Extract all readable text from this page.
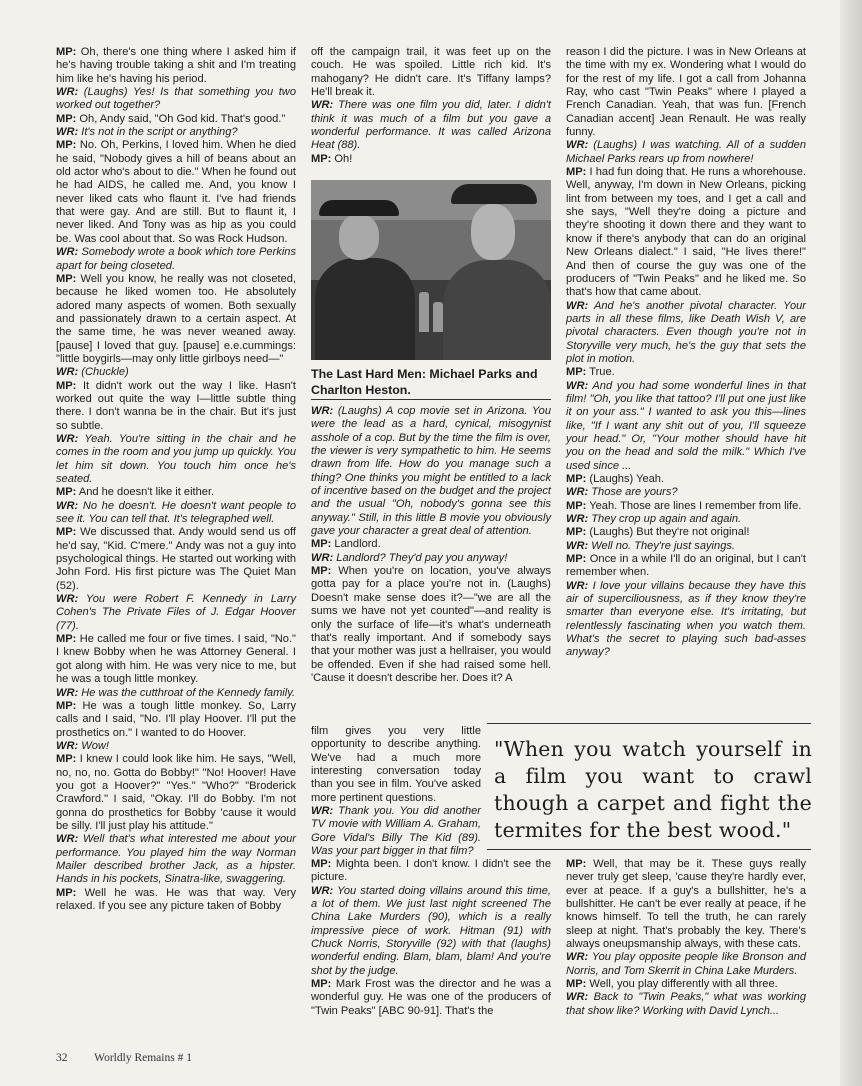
MP: Oh, there's one thing where I asked him if he's having trouble taking a shit and I'm treating him like he's having his period.

WR: (Laughs) Yes! Is that something you two worked out together?

MP: Oh, Andy said, "Oh God kid. That's good."

WR: It's not in the script or anything?

MP: No. Oh, Perkins, I loved him. When he died he said, "Nobody gives a hill of beans about an old actor who's about to die." When he found out he had AIDS, he called me. And, you know I never liked cats who flaunt it. I've had friends that were gay. And are still. But to flaunt it, I never liked. And Tony was as hip as you could be. Was cool about that. So was Rock Hudson.

WR: Somebody wrote a book which tore Perkins apart for being closeted.

MP: Well you know, he really was not closeted, because he liked women too. He absolutely adored many aspects of women. Both sexually and passionately drawn to a certain aspect. At the same time, he was never weaned away. [pause] I loved that guy. [pause] e.e.cummings: "little boygirls—may only little girlboys need—"

WR: (Chuckle)

MP: It didn't work out the way I like. Hasn't worked out quite the way I—little subtle thing there. I don't wanna be in the chair. But it's just so subtle.

WR: Yeah. You're sitting in the chair and he comes in the room and you jump up quickly. You let him sit down. You touch him once he's seated.

MP: And he doesn't like it either.

WR: No he doesn't. He doesn't want people to see it. You can tell that. It's telegraphed well.

MP: We discussed that. Andy would send us off he'd say, "Kid. C'mere." Andy was not a guy into psychological things. He started out working with John Ford. His first picture was The Quiet Man (52).

WR: You were Robert F. Kennedy in Larry Cohen's The Private Files of J. Edgar Hoover (77).

MP: He called me four or five times. I said, "No." I knew Bobby when he was Attorney General. I got along with him. He was very nice to me, but he was a tough little monkey.

WR: He was the cutthroat of the Kennedy family.

MP: He was a tough little monkey. So, Larry calls and I said, "No. I'll play Hoover. I'll put the prosthetics on." I wanted to do Hoover.

WR: Wow!

MP: I knew I could look like him. He says, "Well, no, no, no. Gotta do Bobby!" "No! Hoover! Have you got a Hoover?" "Yes." "Who?" "Broderick Crawford." I said, "Okay. I'll do Bobby. I'm not gonna do prosthetics for Bobby 'cause it would be silly. I'll just play his attitude."

WR: Well that's what interested me about your performance. You played him the way Norman Mailer described brother Jack, as a hipster. Hands in his pockets, Sinatra-like, swaggering.

MP: Well he was. He was that way. Very relaxed. If you see any picture taken of Bobby

off the campaign trail, it was feet up on the couch. He was spoiled. Little rich kid. It's mahogany? He didn't care. It's Tiffany lamps? He'll break it.

WR: There was one film you did, later. I didn't think it was much of a film but you gave a wonderful performance. It was called Arizona Heat (88).

MP: Oh!

The Last Hard Men: Michael Parks and Charlton Heston.

WR: (Laughs) A cop movie set in Arizona. You were the lead as a hard, cynical, misogynist asshole of a cop. But by the time the film is over, the viewer is very sympathetic to him. He seems drawn from life. How do you manage such a thing? One thinks you might be entitled to a lack of incentive based on the budget and the project and the usual "Oh, nobody's gonna see this anyway." Still, in this little B movie you obviously gave your character a great deal of attention.

MP: Landlord.

WR: Landlord? They'd pay you anyway!

MP: When you're on location, you've always gotta pay for a place you're not in. (Laughs) Doesn't make sense does it?—"we are all the sums we have not yet counted"—and reality is only the surface of life—it's what's underneath that's really important. And if somebody says that your mother was just a hellraiser, you would be offended. Even if she had raised some hell. 'Cause it doesn't describe her. Does it? A

film gives you very little opportunity to describe anything. We've had a much more interesting conversation today than you see in film. You've asked more pertinent questions.

WR: Thank you. You did another TV movie with William A. Graham, Gore Vidal's Billy The Kid (89). Was your part bigger in that film?

MP: Mighta been. I don't know. I didn't see the picture.

WR: You started doing villains around this time, a lot of them. We just last night screened The China Lake Murders (90), which is a really impressive piece of work. Hitman (91) with Chuck Norris, Storyville (92) with that (laughs) wonderful ending. Blam, blam, blam! And you're shot by the judge.

MP: Mark Frost was the director and he was a wonderful guy. He was one of the producers of "Twin Peaks" [ABC 90-91]. That's the

reason I did the picture. I was in New Orleans at the time with my ex. Wondering what I would do for the rest of my life. I got a call from Johanna Ray, who cast "Twin Peaks" where I played a French Canadian. Yeah, that was fun. [French Canadian accent] Jean Renault. He was really funny.

WR: (Laughs) I was watching. All of a sudden Michael Parks rears up from nowhere!

MP: I had fun doing that. He runs a whorehouse. Well, anyway, I'm down in New Orleans, picking lint from between my toes, and I get a call and she says, "Well they're doing a picture and they're shooting it down there and they want to know if there's anybody that can do an original New Orleans dialect." I said, "He lives there!" And then of course the guy was one of the producers of "Twin Peaks" and he liked me. So that's how that came about.

WR: And he's another pivotal character. Your parts in all these films, like Death Wish V, are pivotal characters. Even though you're not in Storyville very much, he's the guy that sets the plot in motion.

MP: True.

WR: And you had some wonderful lines in that film! "Oh, you like that tattoo? I'll put one just like it on your ass." I wanted to ask you this—lines like, "If I want any shit out of you, I'll squeeze your head." Or, "Your mother should have hit you on the head and sold the milk." Which I've used since ...

MP: (Laughs) Yeah.

WR: Those are yours?

MP: Yeah. Those are lines I remember from life.

WR: They crop up again and again.

MP: (Laughs) But they're not original!

WR: Well no. They're just sayings.

MP: Once in a while I'll do an original, but I can't remember when.

WR: I love your villains because they have this air of superciliousness, as if they know they're smarter than everyone else. It's irritating, but relentlessly fascinating when you watch them. What's the secret to playing such bad-asses anyway?

"When you watch yourself in a film you want to crawl though a carpet and fight the termites for the best wood."

MP: Well, that may be it. These guys really never truly get sleep, 'cause they're hardly ever, ever at peace. If a guy's a bullshitter, he's a bullshitter. He can't be ever really at peace, if he knows himself. To tell the truth, he can rarely sleep at night. That's probably the key. There's always oneupsmanship always, with these cats.

WR: You play opposite people like Bronson and Norris, and Tom Skerrit in China Lake Murders.

MP: Well, you play differently with all three.

WR: Back to "Twin Peaks," what was working that show like? Working with David Lynch...

32 Worldly Remains # 1
